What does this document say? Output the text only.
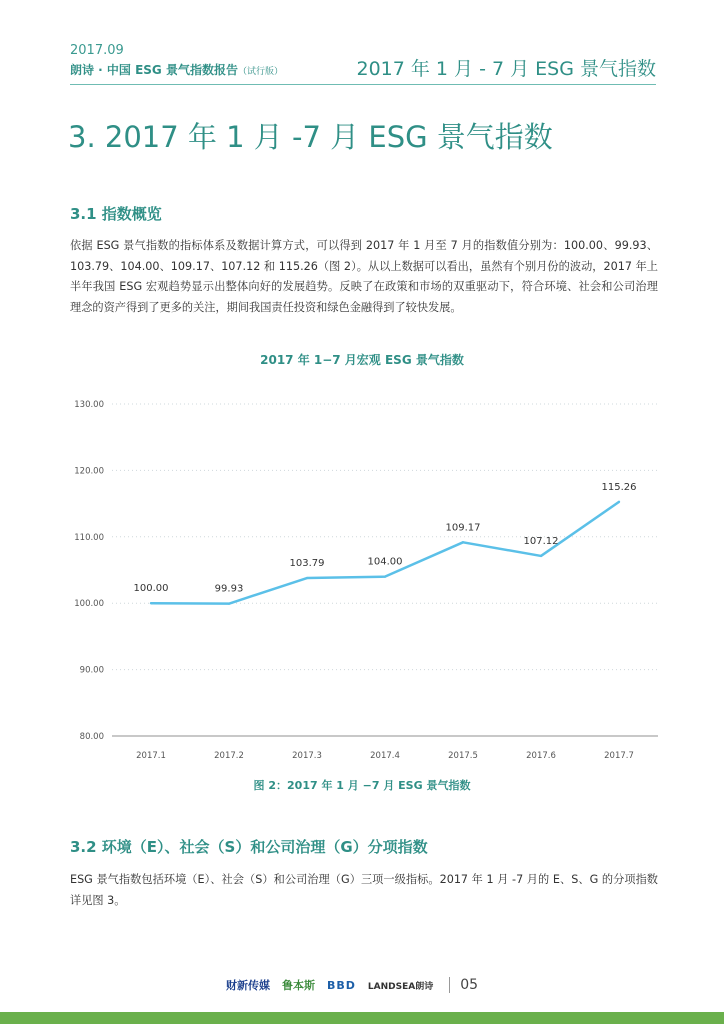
2017.09
朗诗 · 中国 ESG 景气指数报告（试行版）	2017 年 1 月 - 7 月 ESG 景气指数
3. 2017 年 1 月 -7 月 ESG 景气指数
3.1 指数概览
依据 ESG 景气指数的指标体系及数据计算方式，可以得到 2017 年 1 月至 7 月的指数值分别为：100.00、99.93、103.79、104.00、109.17、107.12 和 115.26（图 2）。从以上数据可以看出，虽然有个别月份的波动，2017 年上半年我国 ESG 宏观趋势显示出整体向好的发展趋势。反映了在政策和市场的双重驱动下，符合环境、社会和公司治理理念的资产得到了更多的关注，期间我国责任投资和绿色金融得到了较快发展。
2017 年 1−7 月宏观 ESG 景气指数
80.00
90.00
100.00
110.00
120.00
130.00
2017.1	2017.2	2017.3	2017.4	2017.5	2017.6	2017.7
100.00	99.93
103.79	104.00
109.17
107.12
115.26
图 2：2017 年 1 月 −7 月 ESG 景气指数
3.2 环境（E）、社会（S）和公司治理（G）分项指数
ESG 景气指数包括环境（E）、社会（S）和公司治理（G）三项一级指标。2017 年 1 月 -7 月的 E、S、G 的分项指数详见图 3。
财新传媒 鲁本斯 BBD LANDSEA朗诗	05
